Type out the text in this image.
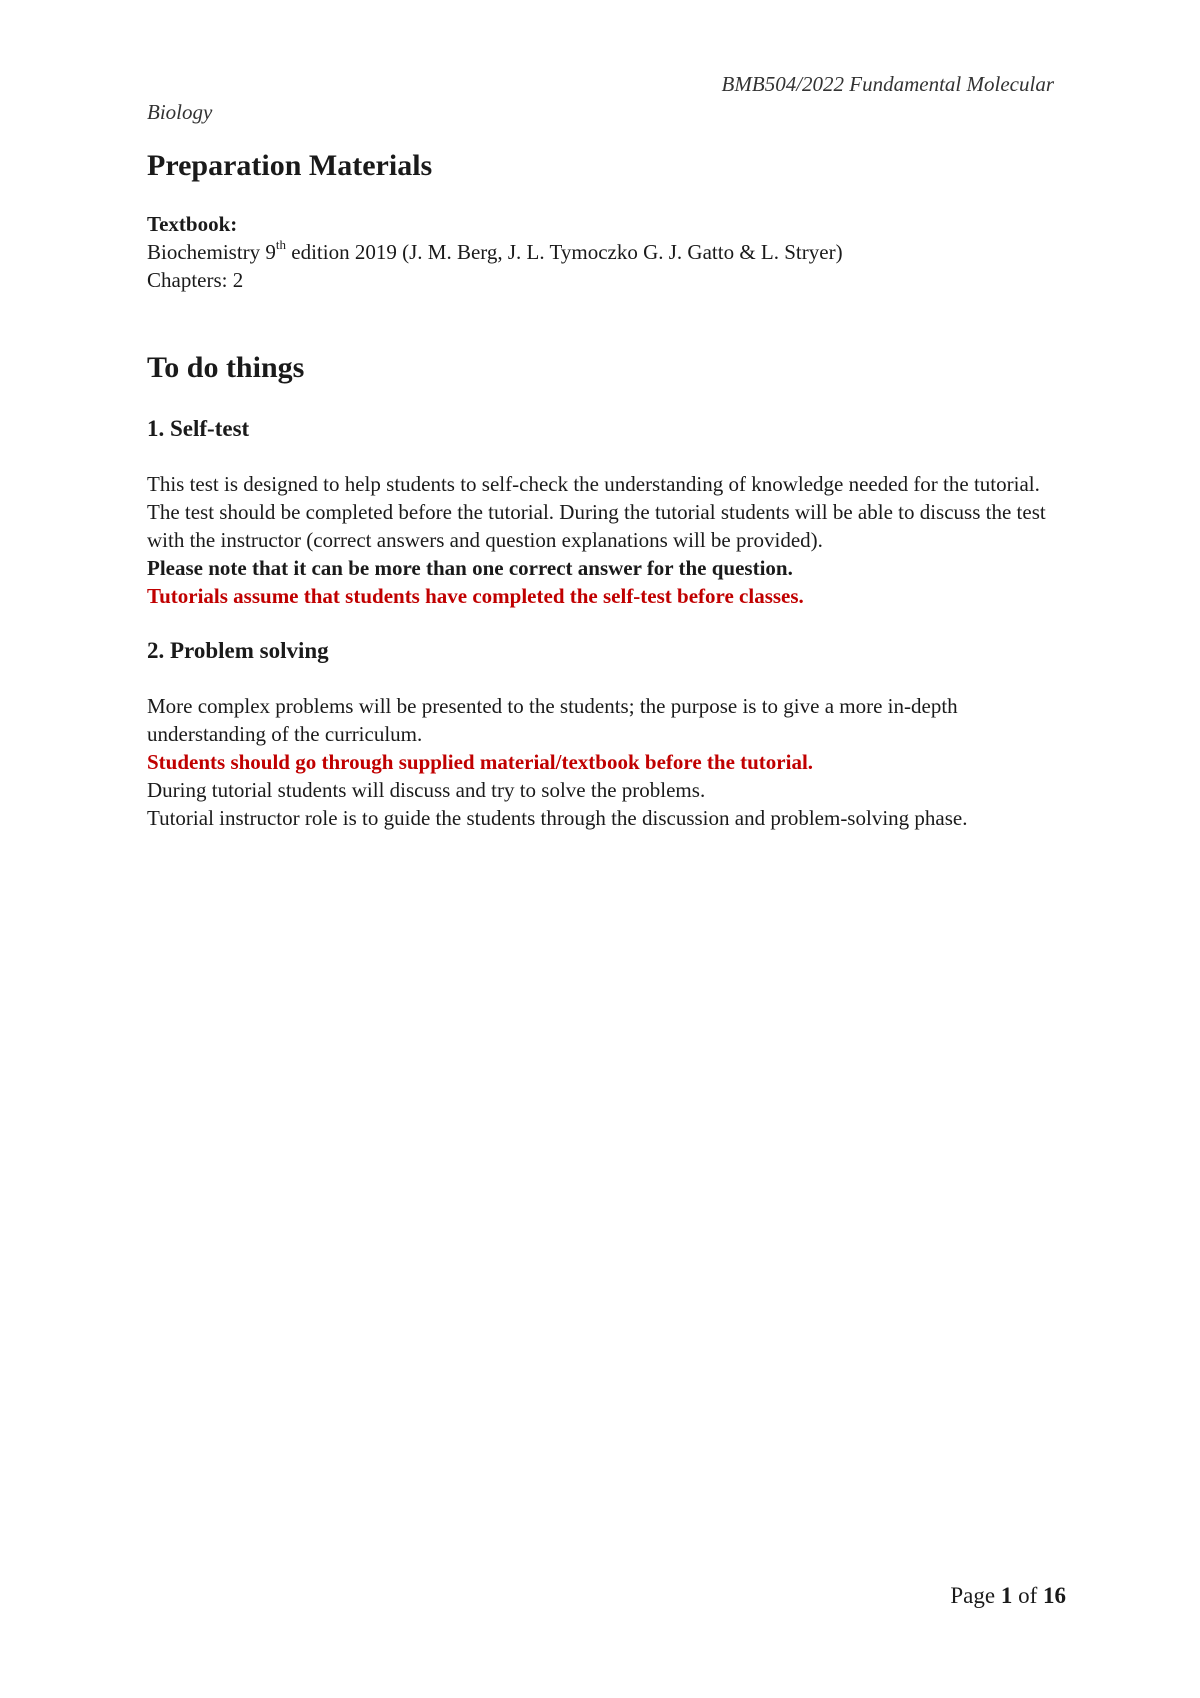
BMB504/2022 Fundamental Molecular
Biology
Preparation Materials
Textbook:
Biochemistry 9th edition 2019 (J. M. Berg, J. L. Tymoczko G. J. Gatto & L. Stryer)
Chapters: 2
To do things
1. Self-test
This test is designed to help students to self-check the understanding of knowledge needed for the tutorial.
The test should be completed before the tutorial. During the tutorial students will be able to discuss the test with the instructor (correct answers and question explanations will be provided).
Please note that it can be more than one correct answer for the question.
Tutorials assume that students have completed the self-test before classes.
2. Problem solving
More complex problems will be presented to the students; the purpose is to give a more in-depth understanding of the curriculum.
Students should go through supplied material/textbook before the tutorial.
During tutorial students will discuss and try to solve the problems.
Tutorial instructor role is to guide the students through the discussion and problem-solving phase.
Page 1 of 16
